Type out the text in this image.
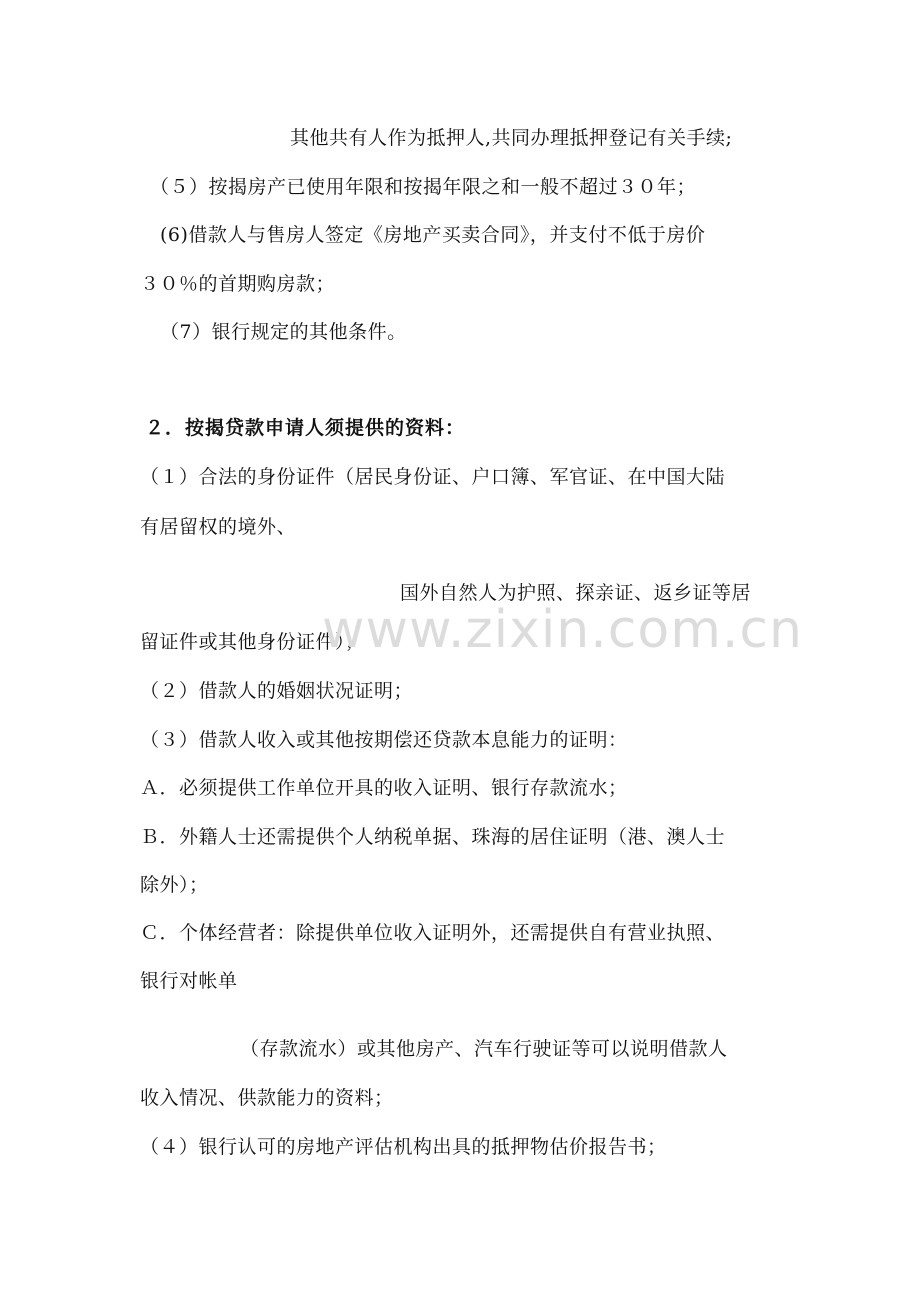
其他共有人作为抵押人,共同办理抵押登记有关手续;
（５）按揭房产已使用年限和按揭年限之和一般不超过３０年；
(6)借款人与售房人签定《房地产买卖合同》，并支付不低于房价
３０％的首期购房款；
（7）银行规定的其他条件。
２．按揭贷款申请人须提供的资料：
（１）合法的身份证件（居民身份证、户口簿、军官证、在中国大陆
有居留权的境外、
国外自然人为护照、探亲证、返乡证等居
留证件或其他身份证件）；
（２）借款人的婚姻状况证明；
（３）借款人收入或其他按期偿还贷款本息能力的证明：
Ａ．必须提供工作单位开具的收入证明、银行存款流水；
Ｂ．外籍人士还需提供个人纳税单据、珠海的居住证明（港、澳人士
除外）；
Ｃ．个体经营者：除提供单位收入证明外，还需提供自有营业执照、
银行对帐单
（存款流水）或其他房产、汽车行驶证等可以说明借款人
收入情况、供款能力的资料；
（４）银行认可的房地产评估机构出具的抵押物估价报告书；
www.zixin.com.cn
